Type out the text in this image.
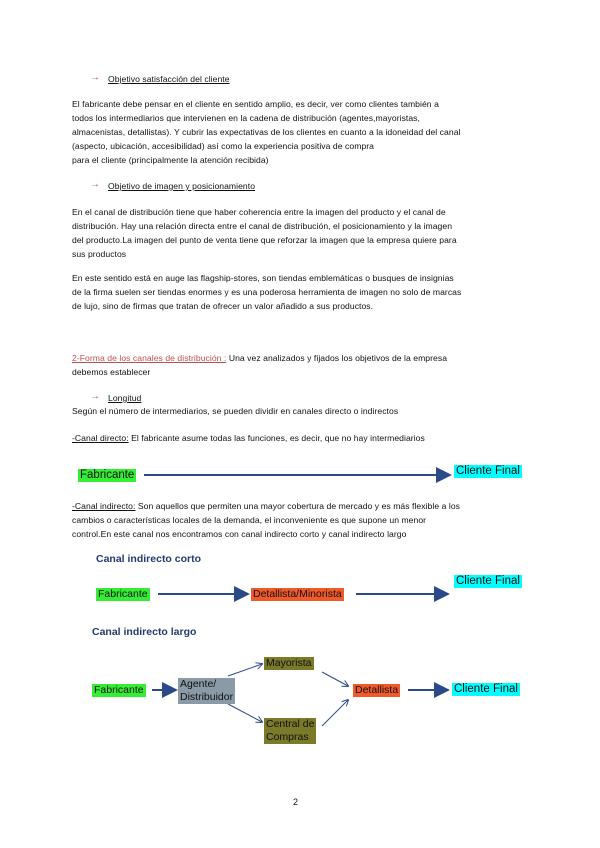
→ Objetivo satisfacción del cliente
El fabricante debe pensar en el cliente en sentido amplio, es decir, ver como clientes también a
todos los intermediarios que intervienen en la cadena de distribución (agentes,mayoristas,
almacenistas, detallistas). Y cubrir las expectativas de los clientes en cuanto a la idoneidad del canal
(aspecto, ubicación, accesibilidad) así como la experiencia positiva de compra
para el cliente (principalmente la atención recibida)
→ Objetivo de imagen y posicionamiento
En el canal de distribución tiene que haber coherencia entre la imagen del producto y el canal de
distribución. Hay una relación directa entre el canal de distribución, el posicionamiento y la imagen
del producto.La imagen del punto de venta tiene que reforzar la imagen que la empresa quiere para
sus productos
En este sentido está en auge las flagship-stores, son tiendas emblemáticas o busques de insignias
de la firma suelen ser tiendas enormes y es una poderosa herramienta de imagen no solo de marcas
de lujo, sino de firmas que tratan de ofrecer un valor añadido a sus productos.
2-Forma de los canales de distribución : Una vez analizados y fijados los objetivos de la empresa
debemos establecer
→ Longitud
Según el número de intermediarios, se pueden dividir en canales directo o indirectos
-Canal directo: El fabricante asume todas las funciones, es decir, que no hay intermediarios
Fabricante	Cliente Final
-Canal indirecto: Son aquellos que permiten una mayor cobertura de mercado y es más flexible a los
cambios o características locales de la demanda, el inconveniente es que supone un menor
control.En este canal nos encontramos con canal indirecto corto y canal indirecto largo
Canal indirecto corto
Fabricante	Detallista/Minorista
Cliente Final
Canal indirecto largo
Fabricante	Agente/
Distribuidor
Mayorista
Central de
Compras
Detallista	Cliente Final
2
